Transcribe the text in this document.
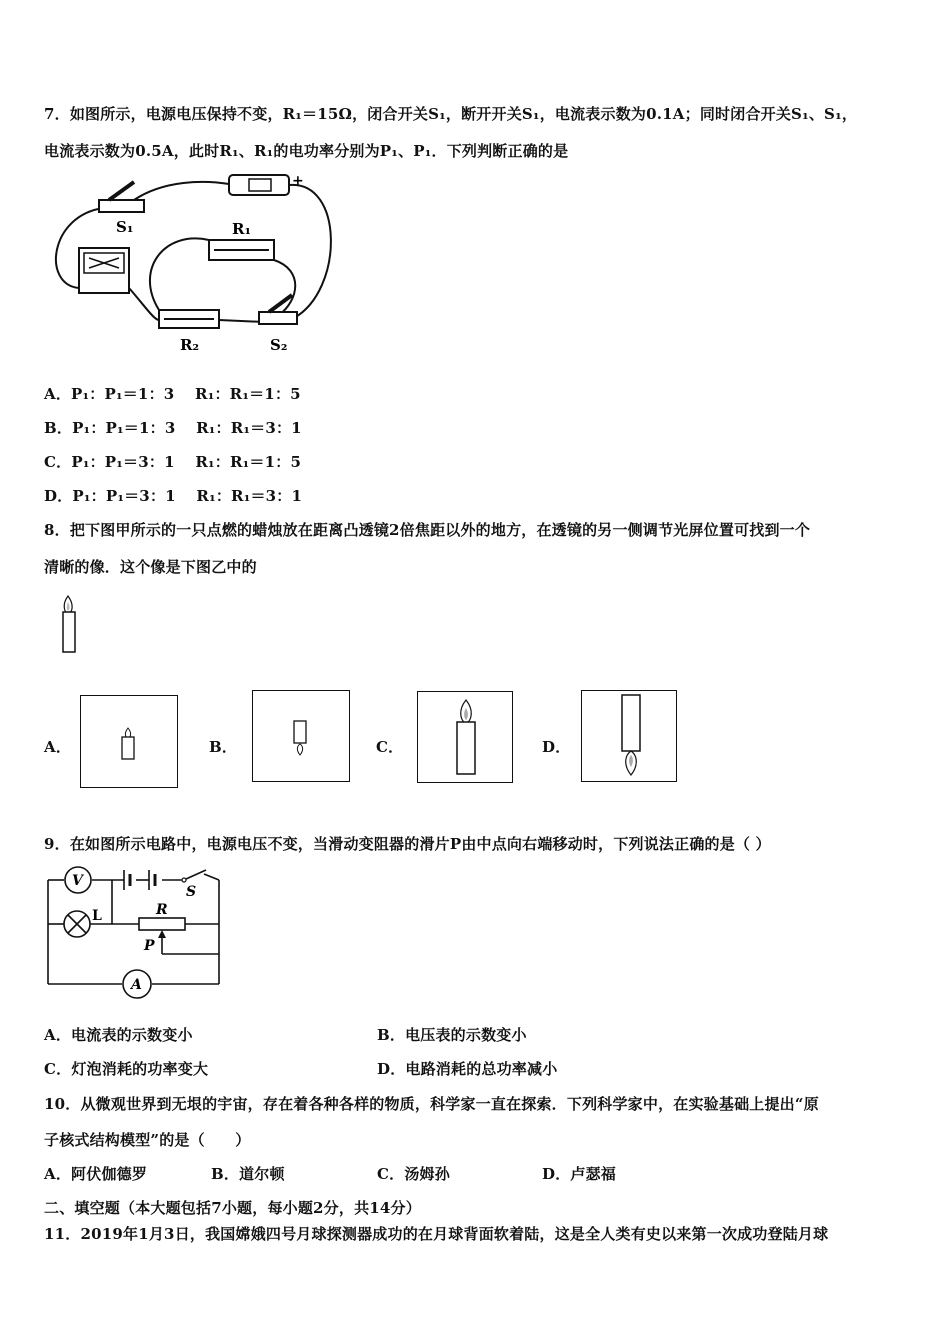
7．如图所示，电源电压保持不变，R₁＝15Ω，闭合开关S₁，断开开关S₁，电流表示数为0.1A；同时闭合开关S₁、S₁，
电流表示数为0.5A，此时R₁、R₁的电功率分别为P₁、P₁．下列判断正确的是
S₁
+
R₁
R₂	S₂
A．P₁：P₁＝1：3　 R₁：R₁＝1：5
B．P₁：P₁＝1：3　 R₁：R₁＝3：1
C．P₁：P₁＝3：1　 R₁：R₁＝1：5
D．P₁：P₁＝3：1　 R₁：R₁＝3：1
8．把下图甲所示的一只点燃的蜡烛放在距离凸透镜2倍焦距以外的地方，在透镜的另一侧调节光屏位置可找到一个
清晰的像．这个像是下图乙中的
A．	B．	C．	D．
9．在如图所示电路中，电源电压不变，当滑动变阻器的滑片P由中点向右端移动时，下列说法正确的是（ ）
S
V
L	R
P
A
A．电流表的示数变小	B．电压表的示数变小
C．灯泡消耗的功率变大	D．电路消耗的总功率减小
10．从微观世界到无垠的宇宙，存在着各种各样的物质，科学家一直在探索．下列科学家中，在实验基础上提出“原
子核式结构模型”的是（　　）
A．阿伏伽德罗	B．道尔顿	C．汤姆孙	D．卢瑟福
二、填空题（本大题包括7小题，每小题2分，共14分）
11．2019年1月3日，我国嫦娥四号月球探测器成功的在月球背面软着陆，这是全人类有史以来第一次成功登陆月球
